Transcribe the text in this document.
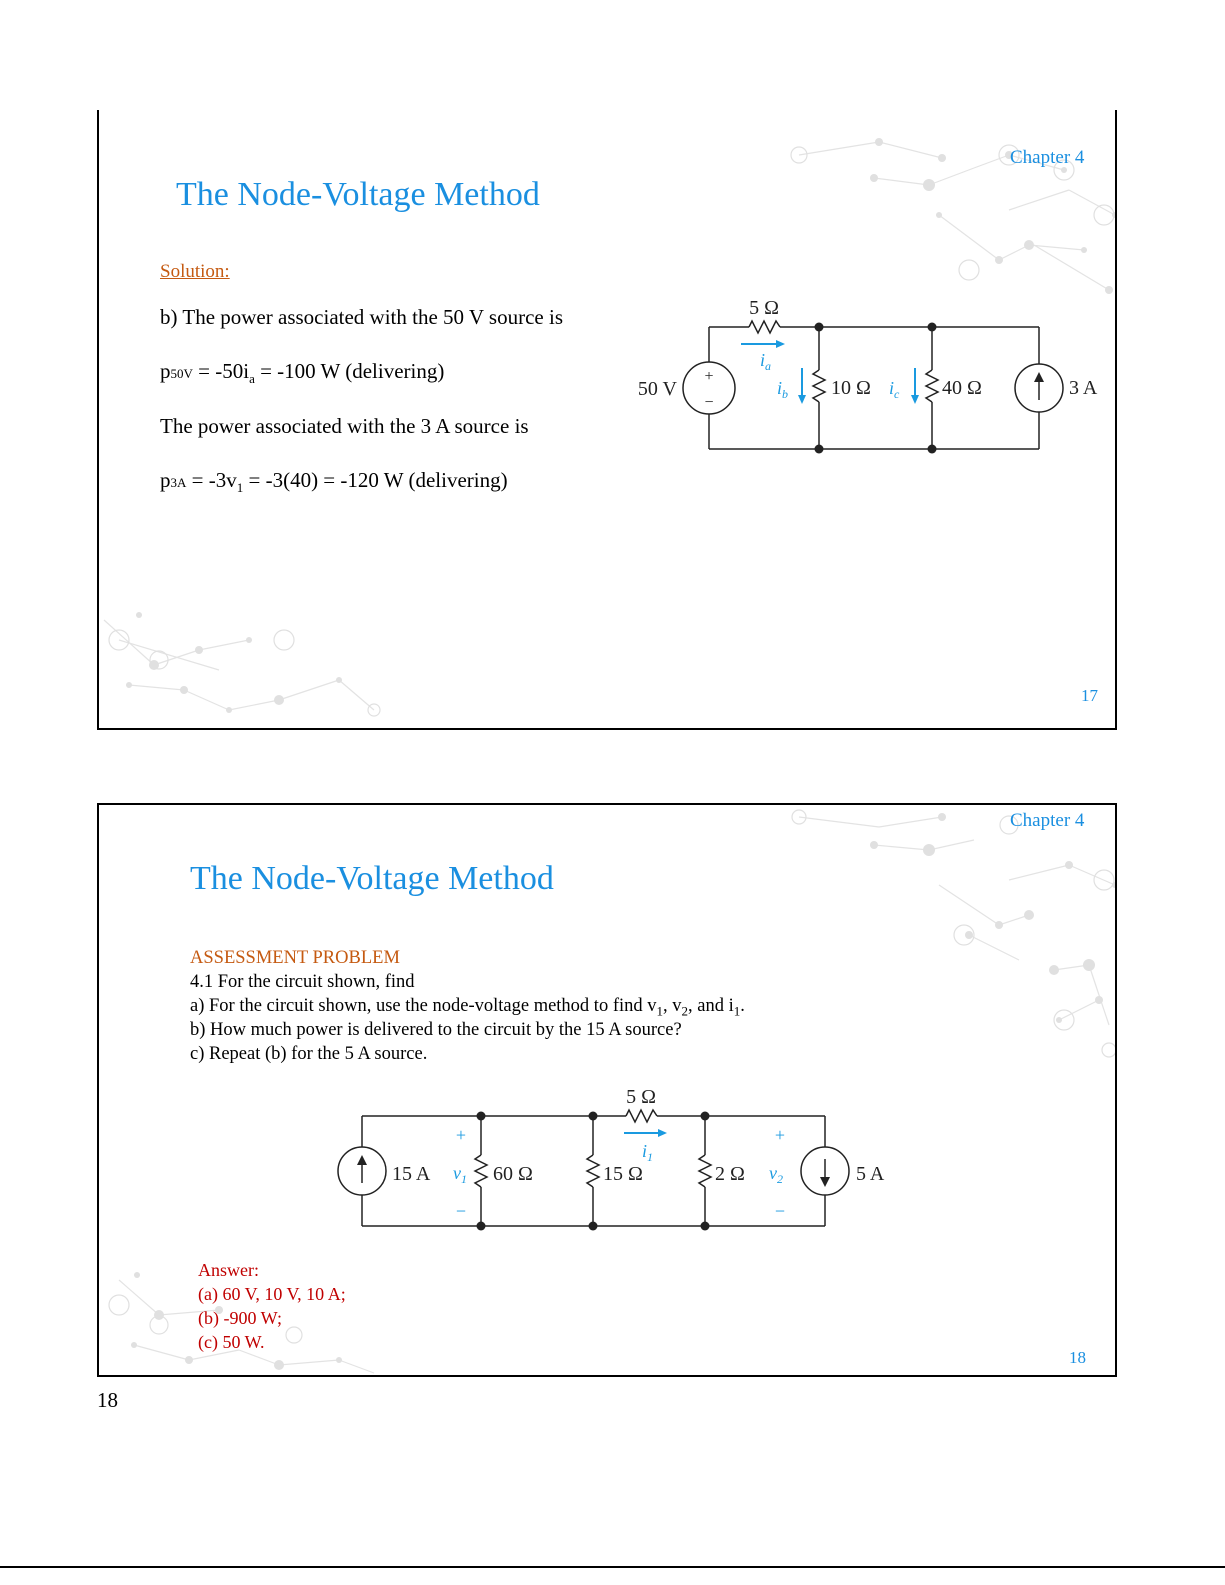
Chapter 4
The Node-Voltage Method
Solution:
b) The power associated with the 50 V source is
$p50V = -50i_a = -100$ W (delivering)
The power associated with the 3 A source is
$p3A = -3v_1 = -3(40) = -120$ W (delivering)
5 Ω
$i_a$
50 V
+
−
$i_b$ 10 Ω $i_c$ 40 Ω	3 A
17
Chapter 4
The Node-Voltage Method
ASSESSMENT PROBLEM
4.1 For the circuit shown, find
a) For the circuit shown, use the node-voltage method to find $v_1$, $v_2$, and $i_1$.
b) How much power is delivered to the circuit by the 15 A source?
c) Repeat (b) for the 5 A source.
5 Ω
$i_1$
15 A $v_1$
+
−
60 Ω	15 Ω	2 Ω $v_2$
+
−
5 A
Answer:
(a) 60 V, 10 V, 10 A;
(b) -900 W;
(c) 50 W.
18
18
